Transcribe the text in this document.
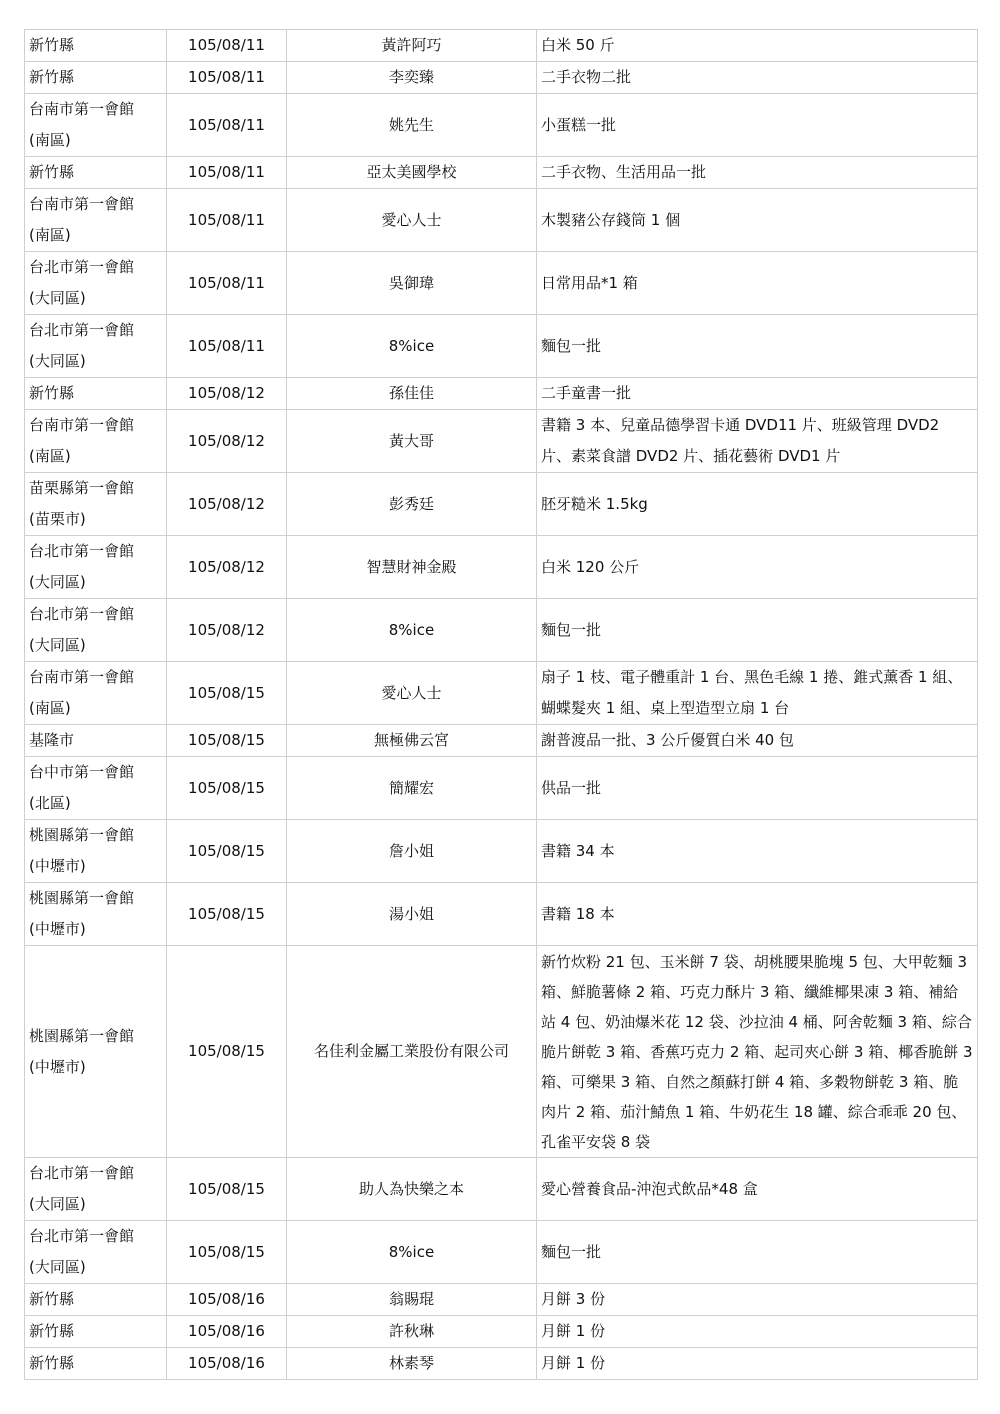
新竹縣	105/08/11	黃許阿巧	白米 50 斤
新竹縣	105/08/11	李奕臻	二手衣物二批
台南市第一會館
(南區)	105/08/11	姚先生	小蛋糕一批
新竹縣	105/08/11	亞太美國學校	二手衣物、生活用品一批
台南市第一會館
(南區)	105/08/11	愛心人士	木製豬公存錢筒 1 個
台北市第一會館
(大同區)	105/08/11	吳御瑋	日常用品*1 箱
台北市第一會館
(大同區)	105/08/11	8%ice	麵包一批
新竹縣	105/08/12	孫佳佳	二手童書一批
台南市第一會館
(南區)	105/08/12	黃大哥	書籍 3 本、兒童品德學習卡通 DVD11 片、班級管理 DVD2 片、素菜食譜 DVD2 片、插花藝術 DVD1 片
苗栗縣第一會館
(苗栗市)	105/08/12	彭秀廷	胚牙糙米 1.5kg
台北市第一會館
(大同區)	105/08/12	智慧財神金殿	白米 120 公斤
台北市第一會館
(大同區)	105/08/12	8%ice	麵包一批
台南市第一會館
(南區)	105/08/15	愛心人士	扇子 1 枝、電子體重計 1 台、黑色毛線 1 捲、錐式薰香 1 組、蝴蝶髮夾 1 組、桌上型造型立扇 1 台
基隆市	105/08/15	無極佛云宮	謝普渡品一批、3 公斤優質白米 40 包
台中市第一會館
(北區)	105/08/15	簡耀宏	供品一批
桃園縣第一會館
(中壢市)	105/08/15	詹小姐	書籍 34 本
桃園縣第一會館
(中壢市)	105/08/15	湯小姐	書籍 18 本
桃園縣第一會館
(中壢市)	105/08/15	名佳利金屬工業股份有限公司	新竹炊粉 21 包、玉米餅 7 袋、胡桃腰果脆塊 5 包、大甲乾麵 3 箱、鮮脆薯條 2 箱、巧克力酥片 3 箱、纖維椰果凍 3 箱、補給站 4 包、奶油爆米花 12 袋、沙拉油 4 桶、阿舍乾麵 3 箱、綜合脆片餅乾 3 箱、香蕉巧克力 2 箱、起司夾心餅 3 箱、椰香脆餅 3 箱、可樂果 3 箱、自然之顏蘇打餅 4 箱、多穀物餅乾 3 箱、脆肉片 2 箱、茄汁鯖魚 1 箱、牛奶花生 18 罐、綜合乖乖 20 包、孔雀平安袋 8 袋
台北市第一會館
(大同區)	105/08/15	助人為快樂之本	愛心營養食品-沖泡式飲品*48 盒
台北市第一會館
(大同區)	105/08/15	8%ice	麵包一批
新竹縣	105/08/16	翁賜琨	月餅 3 份
新竹縣	105/08/16	許秋琳	月餅 1 份
新竹縣	105/08/16	林素琴	月餅 1 份
